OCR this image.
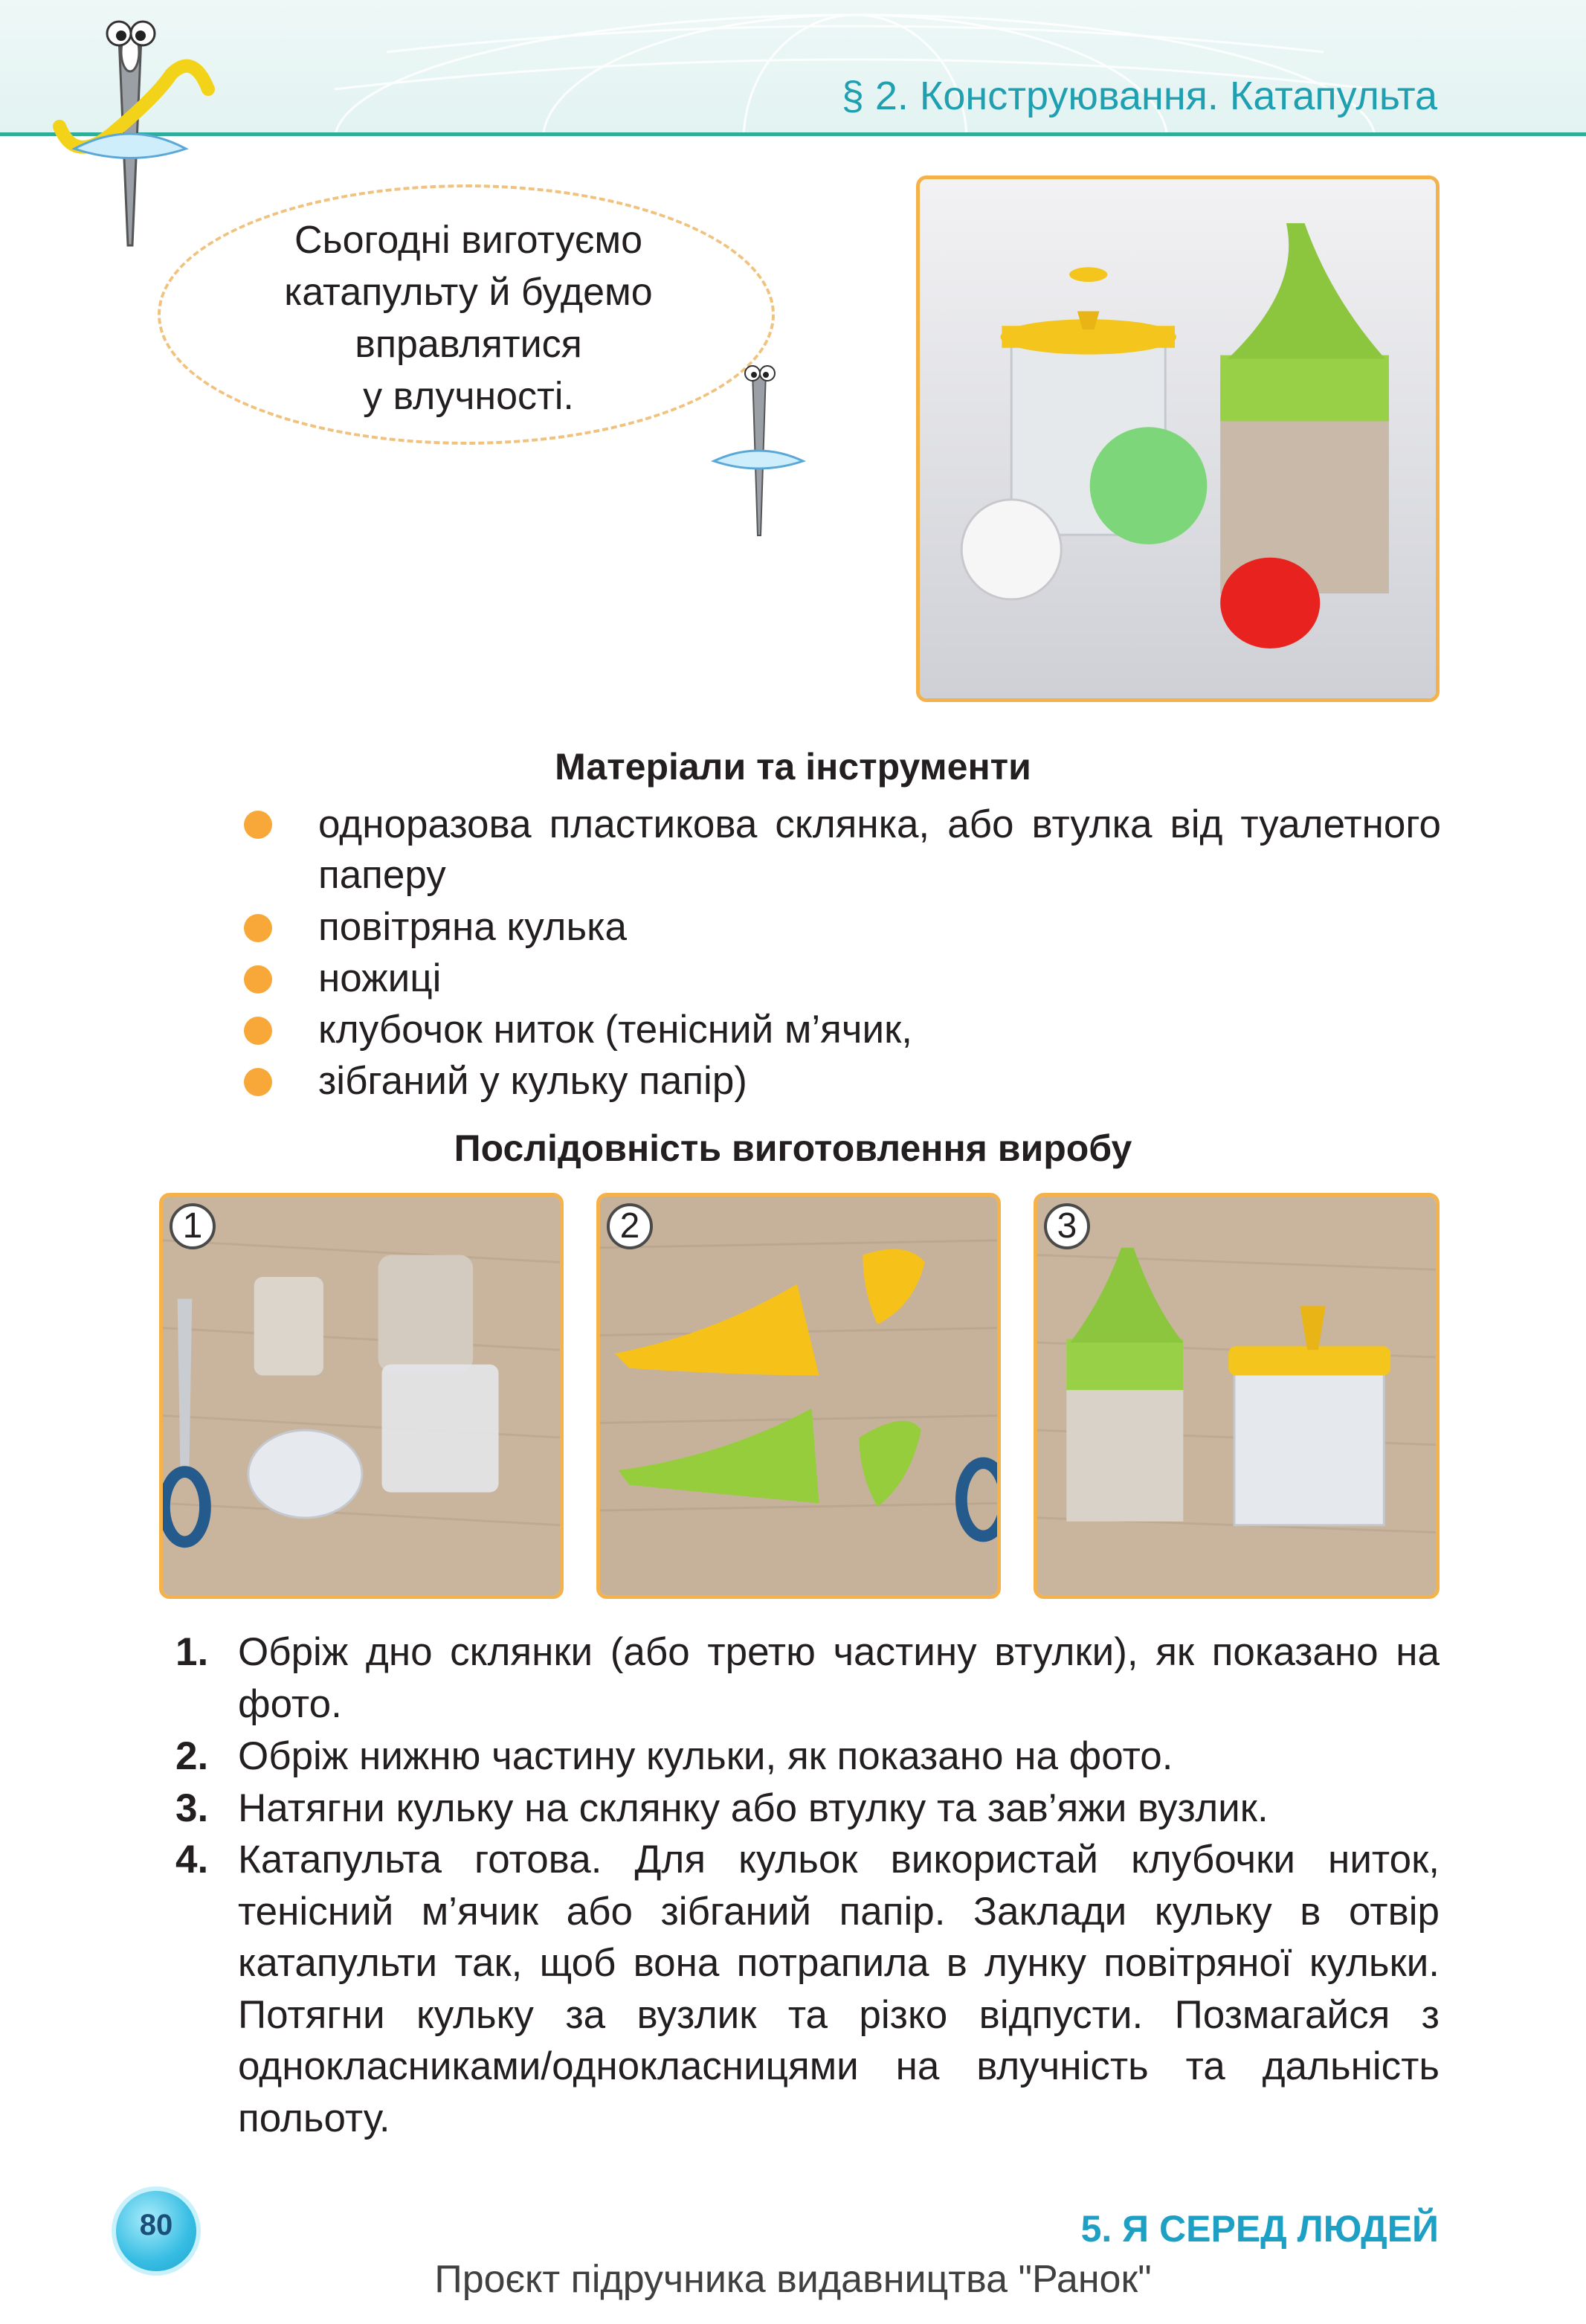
§ 2. Конструювання. Катапульта
Сьогодні виготуємо
катапульту й будемо
вправлятися
у влучності.
Матеріали та інструменти
одноразова пластикова склянка, або втулка від туалетного паперу
повітряна кулька
ножиці
клубочок ниток (тенісний м’ячик,
зібганий у кульку папір)
Послідовність виготовлення виробу
1	2	3
1. Обріж дно склянки (або третю частину втулки), як показано на фото.
2. Обріж нижню частину кульки, як показано на фото.
3. Натягни кульку на склянку або втулку та зав’яжи вузлик.
4. Катапульта готова. Для кульок використай клубочки ниток, тенісний м’ячик або зібганий папір. Заклади кульку в отвір катапульти так, щоб вона потрапила в лунку повітряної кульки. Потягни кульку за вузлик та різко відпусти. Позмагайся з однокласниками/однокласницями на влучність та дальність польоту.
80	5. Я СЕРЕД ЛЮДЕЙ
Проєкт підручника видавництва "Ранок"
